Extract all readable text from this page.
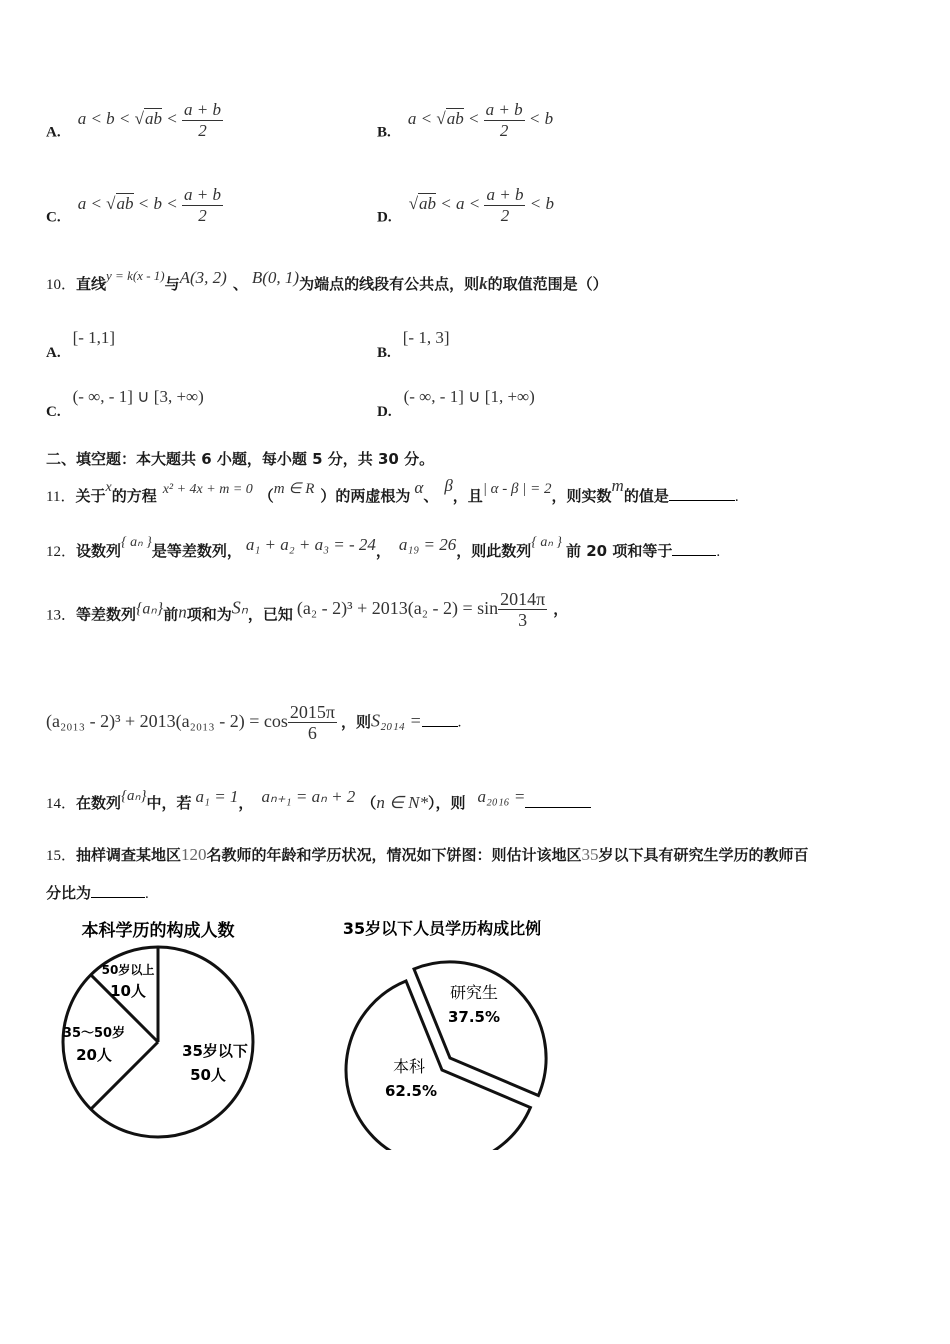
A. $a < b < √ab < \frac{a + b}{2}$	B. $a < √ab < \frac{a + b}{2} < b$
C. $a < √ab < b < \frac{a + b}{2}$	D. $√ab < a < \frac{a + b}{2} < b$
10．直线$^{y = k(x - 1)}$与A(3, 2) 、 B(0, 1)为端点的线段有公共点，则k的取值范围是（）
A.[- 1,1]
B.[- 1, 3]
C.(- ∞, - 1] ∪ [3, +∞)
D.(- ∞, - 1] ∪ [1, +∞)
二、填空题：本大题共 6 小题，每小题 5 分，共 30 分。
11．关于x的方程 x² + 4x + m = 0 （m ∈ R ）的两虚根为 α、β，且| α - β | = 2，则实数m的值是	.
12．设数列{ aₙ }是等差数列， a₁ + a₂ + a₃ = - 24， a₁₉ = 26，则此数列{ aₙ } 前 20 项和等于	.
13．等差数列{aₙ}前n项和为Sₙ，已知 $(a_2 - 2)^3 + 2013(a_2 - 2) = \sin \frac{2014\pi}{3}$ ，
$(a_{2013} - 2)^3 + 2013(a_{2013} - 2) = \cos \frac{2015\pi}{6}$ ，则S₂₀₁₄ = .
14．在数列{aₙ}中，若 a₁ = 1， aₙ₊₁ = aₙ + 2 （n ∈ N*），则 a₂₀₁₆ =
15．抽样调查某地区120名教师的年龄和学历状况，情况如下饼图：则估计该地区35岁以下具有研究生学历的教师百
分比为	.
本科学历的构成人数
35岁以下
50人
35～50岁
20人
50岁以上
10人
35岁以下人员学历构成比例
本科
62.5%
研究生
37.5%
